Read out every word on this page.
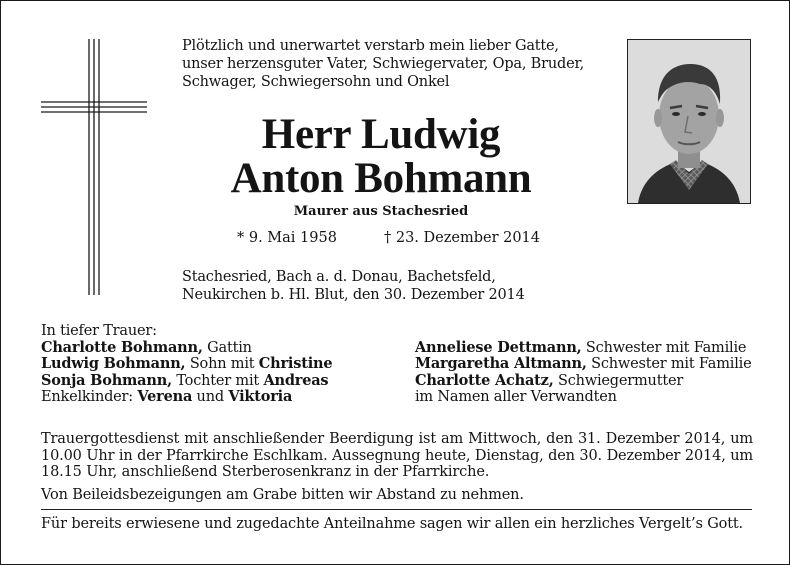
Plötzlich und unerwartet verstarb mein lieber Gatte,
unser herzensguter Vater, Schwiegervater, Opa, Bruder,
Schwager, Schwiegersohn und Onkel
Herr Ludwig
Anton Bohmann
Maurer aus Stachesried
* 9. Mai 1958	† 23. Dezember 2014
Stachesried, Bach a. d. Donau, Bachetsfeld,
Neukirchen b. Hl. Blut, den 30. Dezember 2014
In tiefer Trauer:
Charlotte Bohmann, Gattin
Ludwig Bohmann, Sohn mit Christine
Sonja Bohmann, Tochter mit Andreas
Enkelkinder: Verena und Viktoria
Anneliese Dettmann, Schwester mit Familie
Margaretha Altmann, Schwester mit Familie
Charlotte Achatz, Schwiegermutter
im Namen aller Verwandten
Trauergottesdienst mit anschließender Beerdigung ist am Mittwoch, den 31. Dezember 2014, um 10.00 Uhr in der Pfarrkirche Eschlkam. Aussegnung heute, Dienstag, den 30. Dezember 2014, um 18.15 Uhr, anschließend Sterberosenkranz in der Pfarrkirche.
Von Beileidsbezeigungen am Grabe bitten wir Abstand zu nehmen.
Für bereits erwiesene und zugedachte Anteilnahme sagen wir allen ein herzliches Vergelt’s Gott.
